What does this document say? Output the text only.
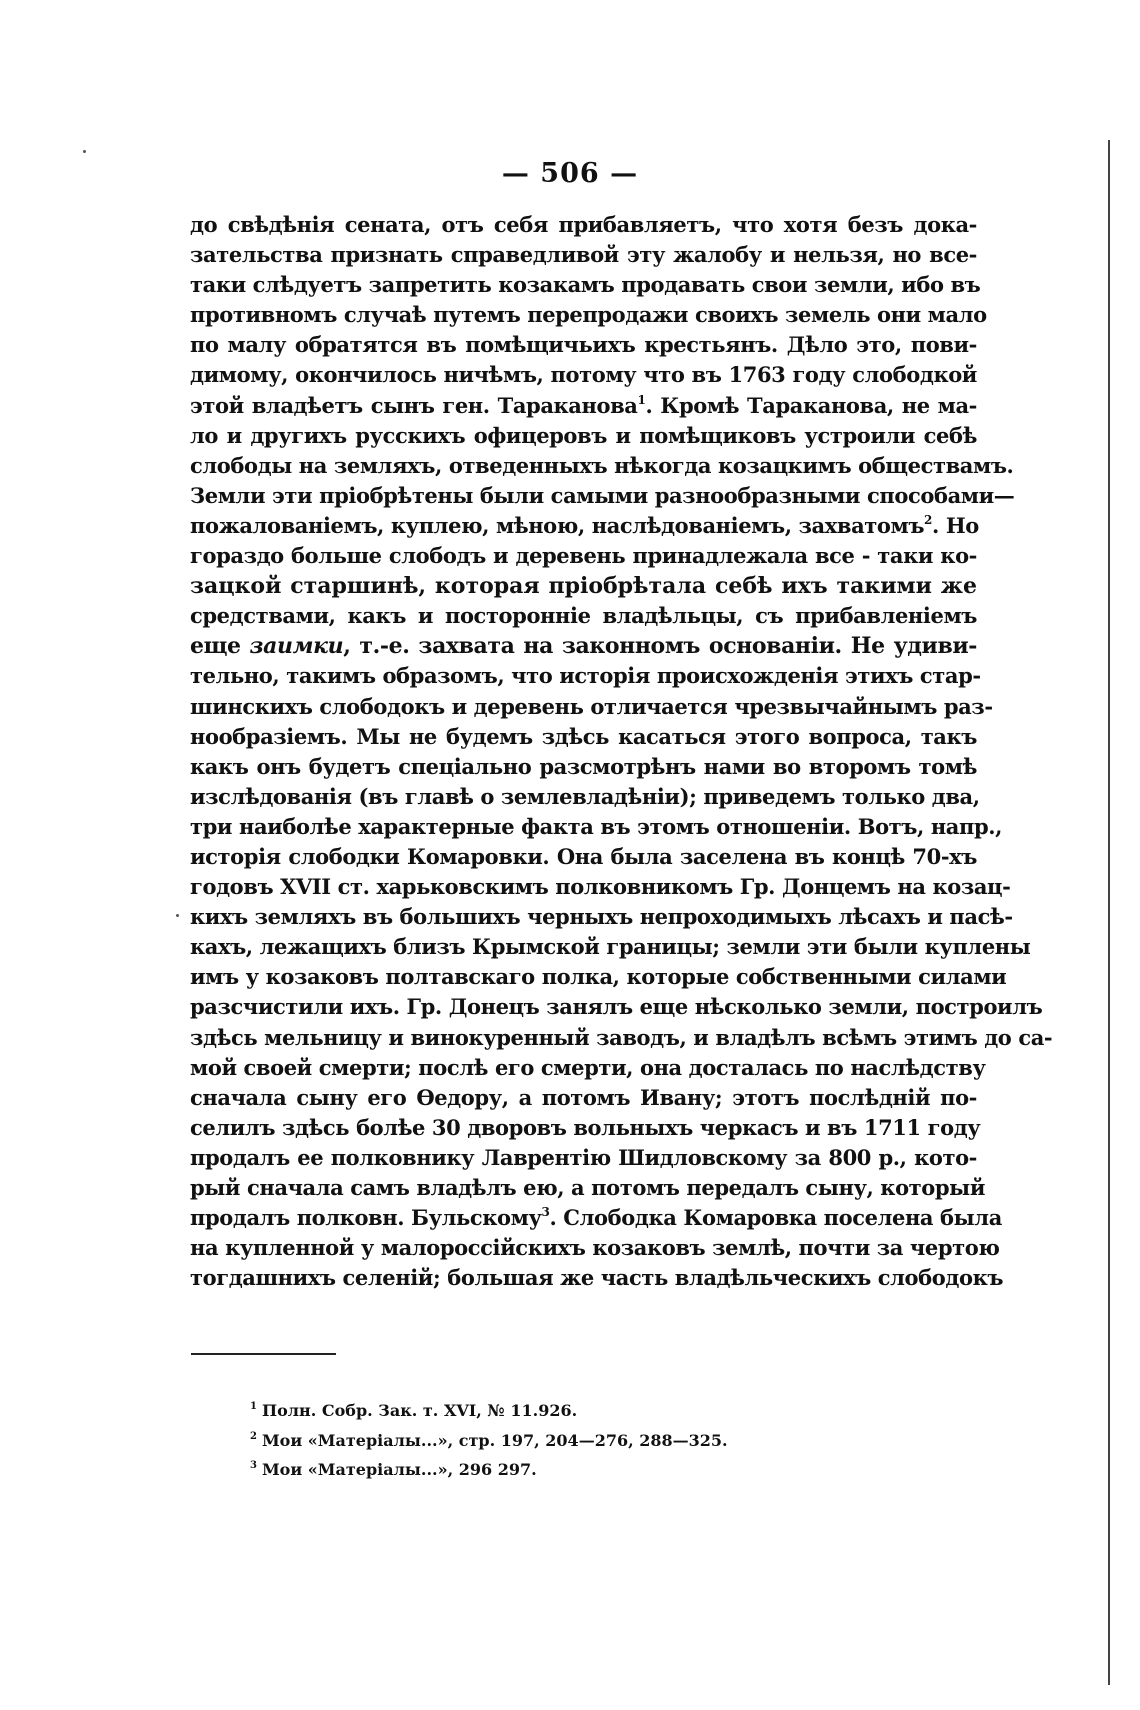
— 506 —
до свѣдѣнія сената, отъ себя прибавляетъ, что хотя безъ дока-
зательства признать справедливой эту жалобу и нельзя, но все-
таки слѣдуетъ запретить козакамъ продавать свои земли, ибо въ
противномъ случаѣ путемъ перепродажи своихъ земель они мало
по малу обратятся въ помѣщичьихъ крестьянъ. Дѣло это, пови-
димому, окончилось ничѣмъ, потому что въ 1763 году слободкой
этой владѣетъ сынъ ген. Тараканова$^1$. Кромѣ Тараканова, не ма-
ло и другихъ русскихъ офицеровъ и помѣщиковъ устроили себѣ
слободы на земляхъ, отведенныхъ нѣкогда козацкимъ обществамъ.
Земли эти пріобрѣтены были самыми разнообразными способами—
пожалованіемъ, куплею, мѣною, наслѣдованіемъ, захватомъ$^2$. Но
гораздо больше слободъ и деревень принадлежала все - таки ко-
зацкой старшинѣ, которая пріобрѣтала себѣ ихъ такими же
средствами, какъ и посторонніе владѣльцы, съ прибавленіемъ
еще заимки, т.-е. захвата на законномъ основаніи. Не удиви-
тельно, такимъ образомъ, что исторія происхожденія этихъ стар-
шинскихъ слободокъ и деревень отличается чрезвычайнымъ раз-
нообразіемъ. Мы не будемъ здѣсь касаться этого вопроса, такъ
какъ онъ будетъ спеціально разсмотрѣнъ нами во второмъ томѣ
изслѣдованія (въ главѣ о землевладѣніи); приведемъ только два,
три наиболѣе характерные факта въ этомъ отношеніи. Вотъ, напр.,
исторія слободки Комаровки. Она была заселена въ концѣ 70-хъ
годовъ XVII ст. харьковскимъ полковникомъ Гр. Донцемъ на козац-
кихъ земляхъ въ большихъ черныхъ непроходимыхъ лѣсахъ и пасѣ-
кахъ, лежащихъ близъ Крымской границы; земли эти были куплены
имъ у козаковъ полтавскаго полка, которые собственными силами
разсчистили ихъ. Гр. Донецъ занялъ еще нѣсколько земли, построилъ
здѣсь мельницу и винокуренный заводъ, и владѣлъ всѣмъ этимъ до са-
мой своей смерти; послѣ его смерти, она досталась по наслѣдству
сначала сыну его Ѳедору, а потомъ Ивану; этотъ послѣдній по-
селилъ здѣсь болѣе 30 дворовъ вольныхъ черкасъ и въ 1711 году
продалъ ее полковнику Лаврентію Шидловскому за 800 р., кото-
рый сначала самъ владѣлъ ею, а потомъ передалъ сыну, который
продалъ полковн. Бульскому$^3$. Слободка Комаровка поселена была
на купленной у малороссійскихъ козаковъ землѣ, почти за чертою
тогдашнихъ селеній; большая же часть владѣльческихъ слободокъ
1 Полн. Собр. Зак. т. XVI, № 11.926.
2 Мои «Матеріалы...», стр. 197, 204—276, 288—325.
3 Мои «Матеріалы...», 296 297.
